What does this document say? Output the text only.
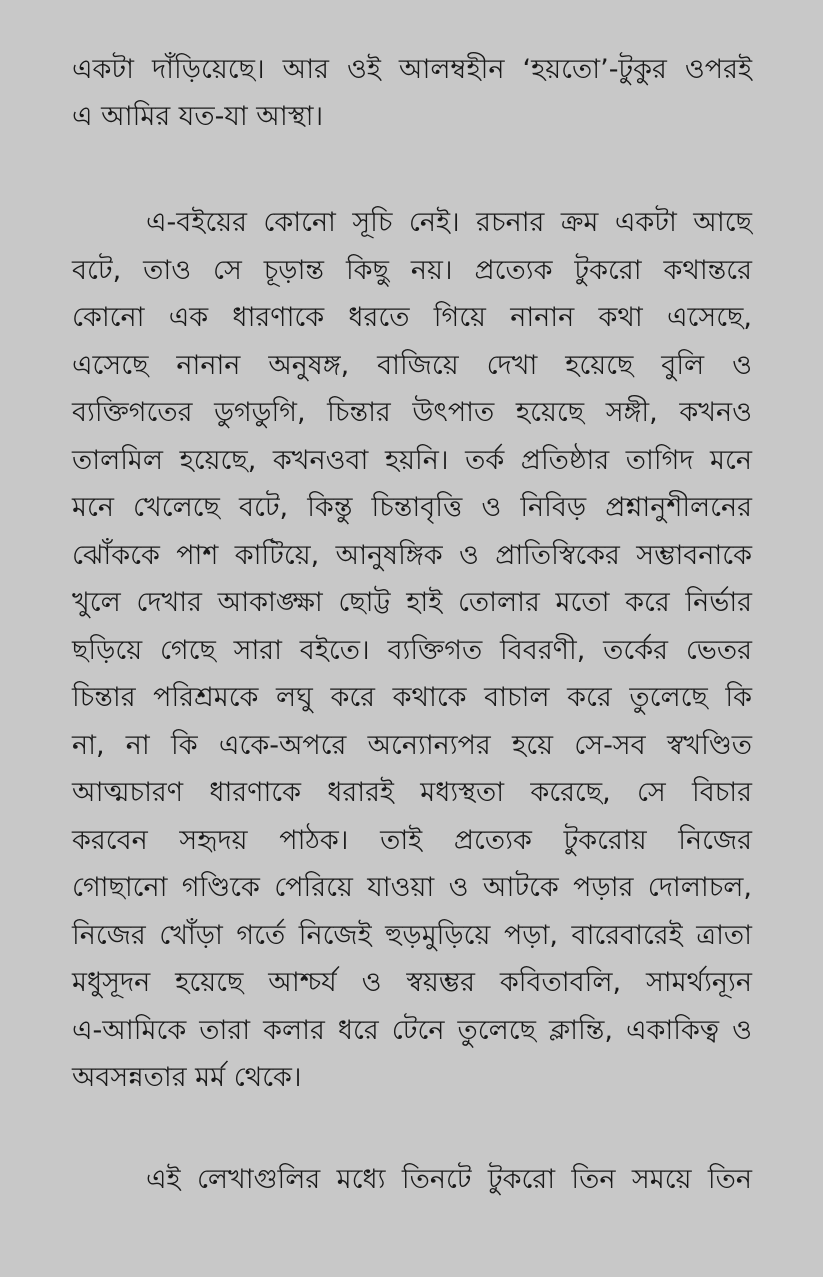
একটা দাঁড়িয়েছে। আর ওই আলম্বহীন ‘হয়তো’-টুকুর ওপরই
এ আমির যত-যা আস্থা।
এ-বইয়ের কোনো সূচি নেই। রচনার ক্রম একটা আছে
বটে, তাও সে চূড়ান্ত কিছু নয়। প্রত্যেক টুকরো কথান্তরে
কোনো এক ধারণাকে ধরতে গিয়ে নানান কথা এসেছে,
এসেছে নানান অনুষঙ্গ, বাজিয়ে দেখা হয়েছে বুলি ও
ব্যক্তিগতের ডুগডুগি, চিন্তার উৎপাত হয়েছে সঙ্গী, কখনও
তালমিল হয়েছে, কখনওবা হয়নি। তর্ক প্রতিষ্ঠার তাগিদ মনে
মনে খেলেছে বটে, কিন্তু চিন্তাবৃত্তি ও নিবিড় প্রশ্নানুশীলনের
ঝোঁককে পাশ কাটিয়ে, আনুষঙ্গিক ও প্রাতিস্বিকের সম্ভাবনাকে
খুলে দেখার আকাঙ্ক্ষা ছোট্ট হাই তোলার মতো করে নির্ভার
ছড়িয়ে গেছে সারা বইতে। ব্যক্তিগত বিবরণী, তর্কের ভেতর
চিন্তার পরিশ্রমকে লঘু করে কথাকে বাচাল করে তুলেছে কি
না, না কি একে-অপরে অন্যোন্যপর হয়ে সে-সব স্বখণ্ডিত
আত্মচারণ ধারণাকে ধরারই মধ্যস্থতা করেছে, সে বিচার
করবেন সহৃদয় পাঠক। তাই প্রত্যেক টুকরোয় নিজের
গোছানো গণ্ডিকে পেরিয়ে যাওয়া ও আটকে পড়ার দোলাচল,
নিজের খোঁড়া গর্তে নিজেই হুড়মুড়িয়ে পড়া, বারেবারেই ত্রাতা
মধুসূদন হয়েছে আশ্চর্য ও স্বয়ম্ভর কবিতাবলি, সামর্থ্যন্যূন
এ-আমিকে তারা কলার ধরে টেনে তুলেছে ক্লান্তি, একাকিত্ব ও
অবসন্নতার মর্ম থেকে।
এই লেখাগুলির মধ্যে তিনটে টুকরো তিন সময়ে তিন
